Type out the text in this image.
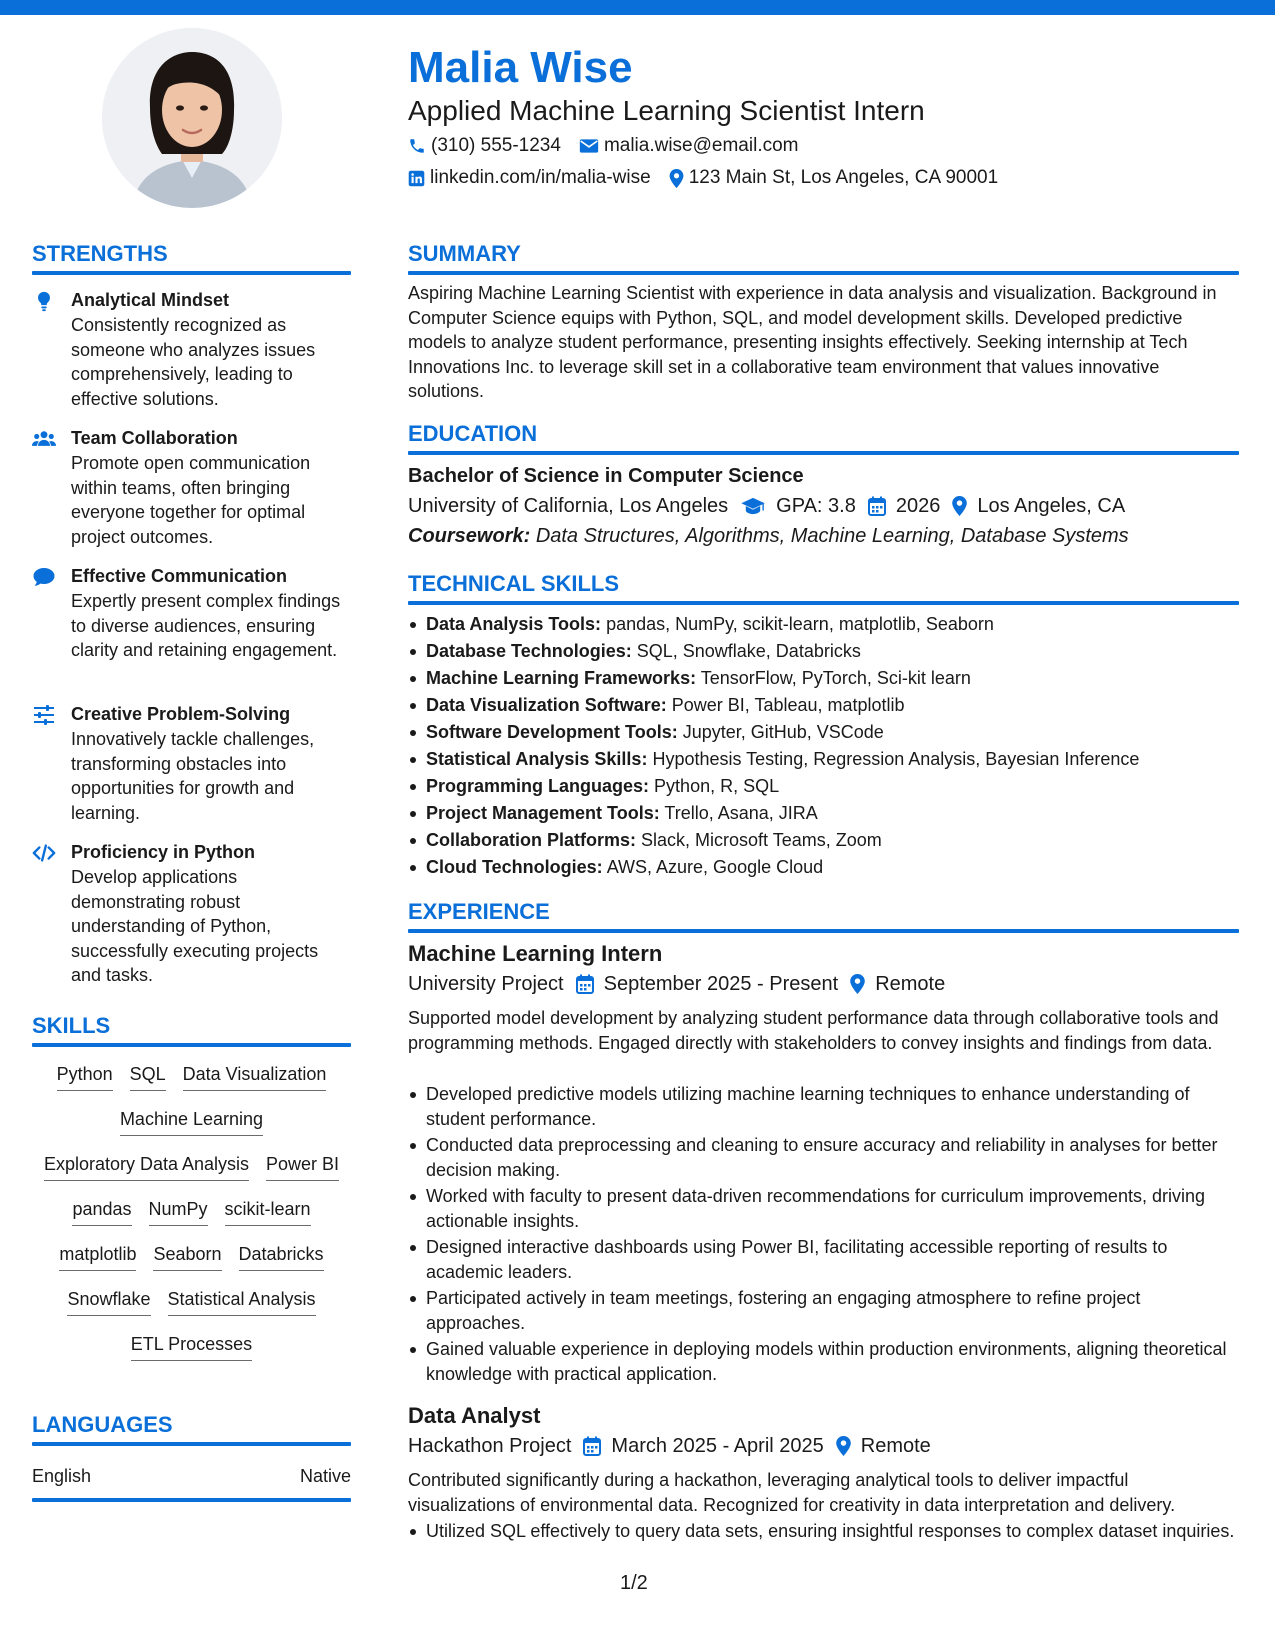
Malia Wise
Applied Machine Learning Scientist Intern
(310) 555-1234 malia.wise@email.com
linkedin.com/in/malia-wise 123 Main St, Los Angeles, CA 90001
STRENGTHS
Analytical Mindset
Consistently recognized as someone who analyzes issues comprehensively, leading to effective solutions.
Team Collaboration
Promote open communication within teams, often bringing everyone together for optimal project outcomes.
Effective Communication
Expertly present complex findings to diverse audiences, ensuring clarity and retaining engagement.
Creative Problem-Solving
Innovatively tackle challenges, transforming obstacles into opportunities for growth and learning.
Proficiency in Python
Develop applications demonstrating robust understanding of Python, successfully executing projects and tasks.
SKILLS
Python SQL Data Visualization
Machine Learning
Exploratory Data Analysis Power BI
pandas NumPy scikit-learn
matplotlib Seaborn Databricks
Snowflake Statistical Analysis
ETL Processes
LANGUAGES
English	Native
SUMMARY
Aspiring Machine Learning Scientist with experience in data analysis and visualization. Background in Computer Science equips with Python, SQL, and model development skills. Developed predictive models to analyze student performance, presenting insights effectively. Seeking internship at Tech Innovations Inc. to leverage skill set in a collaborative team environment that values innovative solutions.
EDUCATION
Bachelor of Science in Computer Science
University of California, Los Angeles GPA: 3.8 2026 Los Angeles, CA
Coursework: Data Structures, Algorithms, Machine Learning, Database Systems
TECHNICAL SKILLS
Data Analysis Tools: pandas, NumPy, scikit-learn, matplotlib, Seaborn
Database Technologies: SQL, Snowflake, Databricks
Machine Learning Frameworks: TensorFlow, PyTorch, Sci-kit learn
Data Visualization Software: Power BI, Tableau, matplotlib
Software Development Tools: Jupyter, GitHub, VSCode
Statistical Analysis Skills: Hypothesis Testing, Regression Analysis, Bayesian Inference
Programming Languages: Python, R, SQL
Project Management Tools: Trello, Asana, JIRA
Collaboration Platforms: Slack, Microsoft Teams, Zoom
Cloud Technologies: AWS, Azure, Google Cloud
EXPERIENCE
Machine Learning Intern
University Project September 2025 - Present Remote
Supported model development by analyzing student performance data through collaborative tools and programming methods. Engaged directly with stakeholders to convey insights and findings from data.
Developed predictive models utilizing machine learning techniques to enhance understanding of student performance.
Conducted data preprocessing and cleaning to ensure accuracy and reliability in analyses for better decision making.
Worked with faculty to present data-driven recommendations for curriculum improvements, driving actionable insights.
Designed interactive dashboards using Power BI, facilitating accessible reporting of results to academic leaders.
Participated actively in team meetings, fostering an engaging atmosphere to refine project approaches.
Gained valuable experience in deploying models within production environments, aligning theoretical knowledge with practical application.
Data Analyst
Hackathon Project March 2025 - April 2025 Remote
Contributed significantly during a hackathon, leveraging analytical tools to deliver impactful visualizations of environmental data. Recognized for creativity in data interpretation and delivery.
Utilized SQL effectively to query data sets, ensuring insightful responses to complex dataset inquiries.
1/2
